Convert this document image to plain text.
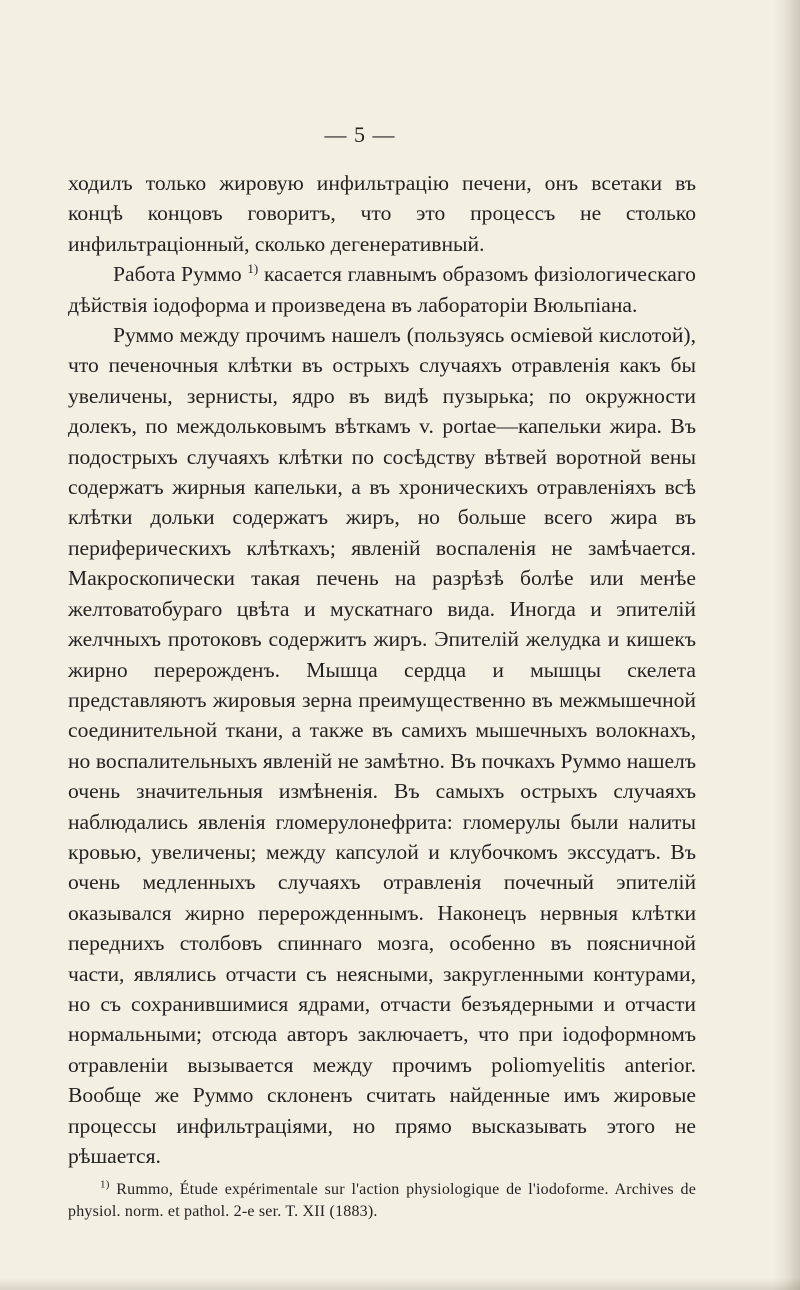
— 5 —

ходилъ только жировую инфильтрацію печени, онъ всетаки въ концѣ концовъ говоритъ, что это процессъ не столько инфильтраціонный, сколько дегенеративный.

Работа Руммо $^{1)}$ касается главнымъ образомъ физіологическаго дѣйствія іодоформа и произведена въ лабораторіи Вюльпіана.

Руммо между прочимъ нашелъ (пользуясь осміевой кислотой), что печеночныя клѣтки въ острыхъ случаяхъ отравленія какъ бы увеличены, зернисты, ядро въ видѣ пузырька; по окружности долекъ, по междольковымъ вѣткамъ v. portae—капельки жира. Въ подострыхъ случаяхъ клѣтки по сосѣдству вѣтвей воротной вены содержатъ жирныя капельки, а въ хроническихъ отравленіяхъ всѣ клѣтки дольки содержатъ жиръ, но больше всего жира въ периферическихъ клѣткахъ; явленій воспаленія не замѣчается. Макроскопически такая печень на разрѣзѣ болѣе или менѣе желтоватобураго цвѣта и мускатнаго вида. Иногда и эпителій желчныхъ протоковъ содержитъ жиръ. Эпителій желудка и кишекъ жирно перерожденъ. Мышца сердца и мышцы скелета представляютъ жировыя зерна преимущественно въ межмышечной соединительной ткани, а также въ самихъ мышечныхъ волокнахъ, но воспалительныхъ явленій не замѣтно. Въ почкахъ Руммо нашелъ очень значительныя измѣненія. Въ самыхъ острыхъ случаяхъ наблюдались явленія гломерулонефрита: гломерулы были налиты кровью, увеличены; между капсулой и клубочкомъ экссудатъ. Въ очень медленныхъ случаяхъ отравленія почечный эпителій оказывался жирно перерожденнымъ. Наконецъ нервныя клѣтки переднихъ столбовъ спиннаго мозга, особенно въ поясничной части, являлись отчасти съ неясными, закругленными контурами, но съ сохранившимися ядрами, отчасти безъядерными и отчасти нормальными; отсюда авторъ заключаетъ, что при іодоформномъ отравленіи вызывается между прочимъ poliomyelitis anterior. Вообще же Руммо склоненъ считать найденные имъ жировые процессы инфильтраціями, но прямо высказывать этого не рѣшается.

$^{1)}$ Rummo, Étude expérimentale sur l'action physiologique de l'iodoforme. Archives de physiol. norm. et pathol. 2-e ser. T. XII (1883).
